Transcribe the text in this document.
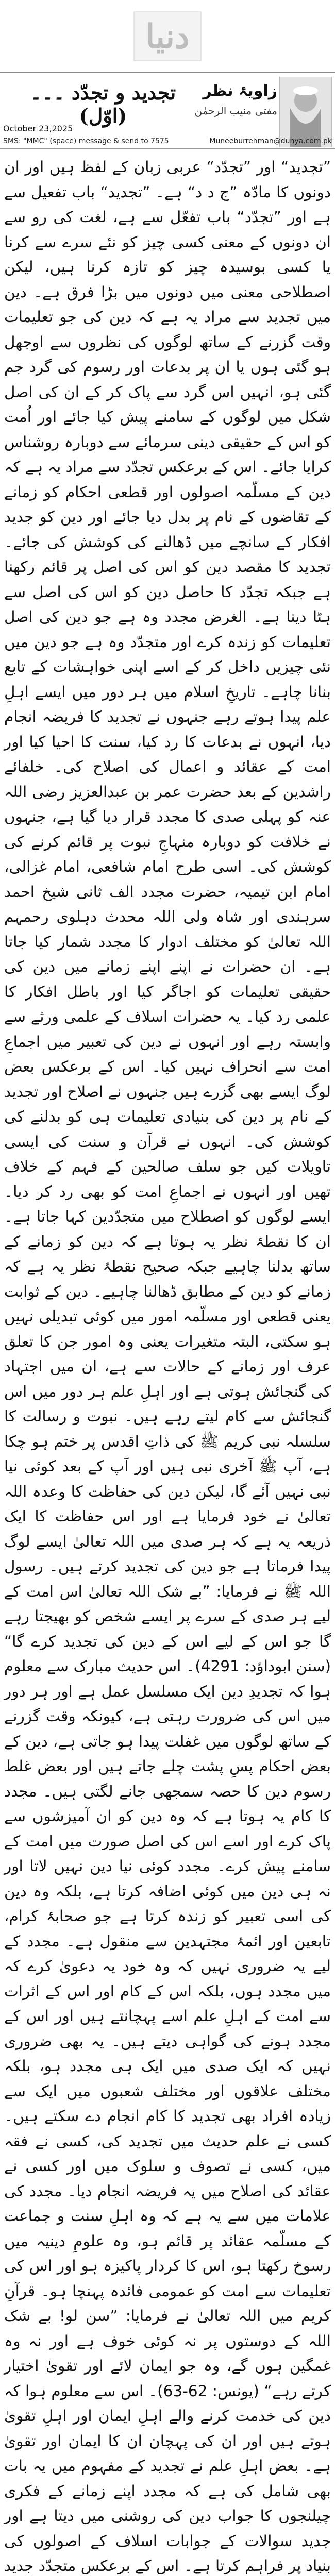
دنیا
تجدید و تجدّد ۔۔۔ (اوّل)
زاویۂ نظر
مفتی منیب الرحمٰن
October 23,2025
SMS: "MMC" (space) message & send to 7575	Muneeburrehman@dunya.com.pk

”تجدید“ اور ”تجدّد“ عربی زبان کے لفظ ہیں اور ان دونوں کا مادّہ ”ج د د“ ہے۔ ”تجدید“ باب تفعیل سے ہے اور ”تجدّد“ باب تفعّل سے ہے، لغت کی رو سے ان دونوں کے معنی کسی چیز کو نئے سرے سے کرنا یا کسی بوسیدہ چیز کو تازہ کرنا ہیں، لیکن اصطلاحی معنی میں دونوں میں بڑا فرق ہے۔ دین میں تجدید سے مراد یہ ہے کہ دین کی جو تعلیمات وقت گزرنے کے ساتھ لوگوں کی نظروں سے اوجھل ہو گئی ہوں یا ان پر بدعات اور رسوم کی گرد جم گئی ہو، انہیں اس گرد سے پاک کر کے ان کی اصل شکل میں لوگوں کے سامنے پیش کیا جائے اور اُمت کو اس کے حقیقی دینی سرمائے سے دوبارہ روشناس کرایا جائے۔ اس کے برعکس تجدّد سے مراد یہ ہے کہ دین کے مسلّمہ اصولوں اور قطعی احکام کو زمانے کے تقاضوں کے نام پر بدل دیا جائے اور دین کو جدید افکار کے سانچے میں ڈھالنے کی کوشش کی جائے۔ تجدید کا مقصد دین کو اس کی اصل پر قائم رکھنا ہے جبکہ تجدّد کا حاصل دین کو اس کی اصل سے ہٹا دینا ہے۔ الغرض مجدد وہ ہے جو دین کی اصل تعلیمات کو زندہ کرے اور متجدّد وہ ہے جو دین میں نئی چیزیں داخل کر کے اسے اپنی خواہشات کے تابع بنانا چاہے۔ تاریخِ اسلام میں ہر دور میں ایسے اہلِ علم پیدا ہوتے رہے جنہوں نے تجدید کا فریضہ انجام دیا، انہوں نے بدعات کا رد کیا، سنت کا احیا کیا اور امت کے عقائد و اعمال کی اصلاح کی۔ خلفائے راشدین کے بعد حضرت عمر بن عبدالعزیز رضی اللہ عنہ کو پہلی صدی کا مجدد قرار دیا گیا ہے، جنہوں نے خلافت کو دوبارہ منہاجِ نبوت پر قائم کرنے کی کوشش کی۔ اسی طرح امام شافعی، امام غزالی، امام ابن تیمیہ، حضرت مجدد الف ثانی شیخ احمد سرہندی اور شاہ ولی اللہ محدث دہلوی رحمہم اللہ تعالیٰ کو مختلف ادوار کا مجدد شمار کیا جاتا ہے۔ ان حضرات نے اپنے اپنے زمانے میں دین کی حقیقی تعلیمات کو اجاگر کیا اور باطل افکار کا علمی رد کیا۔ یہ حضرات اسلاف کے علمی ورثے سے وابستہ رہے اور انہوں نے دین کی تعبیر میں اجماعِ امت سے انحراف نہیں کیا۔ اس کے برعکس بعض لوگ ایسے بھی گزرے ہیں جنہوں نے اصلاح اور تجدید کے نام پر دین کی بنیادی تعلیمات ہی کو بدلنے کی کوشش کی۔ انہوں نے قرآن و سنت کی ایسی تاویلات کیں جو سلف صالحین کے فہم کے خلاف تھیں اور انہوں نے اجماعِ امت کو بھی رد کر دیا۔ ایسے لوگوں کو اصطلاح میں متجدّدین کہا جاتا ہے۔ ان کا نقطۂ نظر یہ ہوتا ہے کہ دین کو زمانے کے ساتھ بدلنا چاہیے جبکہ صحیح نقطۂ نظر یہ ہے کہ زمانے کو دین کے مطابق ڈھالنا چاہیے۔ دین کے ثوابت یعنی قطعی اور مسلّمہ امور میں کوئی تبدیلی نہیں ہو سکتی، البتہ متغیرات یعنی وہ امور جن کا تعلق عرف اور زمانے کے حالات سے ہے، ان میں اجتہاد کی گنجائش ہوتی ہے اور اہلِ علم ہر دور میں اس گنجائش سے کام لیتے رہے ہیں۔ نبوت و رسالت کا سلسلہ نبی کریم ﷺ کی ذاتِ اقدس پر ختم ہو چکا ہے، آپ ﷺ آخری نبی ہیں اور آپ کے بعد کوئی نیا نبی نہیں آئے گا، لیکن دین کی حفاظت کا وعدہ اللہ تعالیٰ نے خود فرمایا ہے اور اس حفاظت کا ایک ذریعہ یہ ہے کہ ہر صدی میں اللہ تعالیٰ ایسے لوگ پیدا فرماتا ہے جو دین کی تجدید کرتے ہیں۔ رسول اللہ ﷺ نے فرمایا: ”بے شک اللہ تعالیٰ اس امت کے لیے ہر صدی کے سرے پر ایسے شخص کو بھیجتا رہے گا جو اس کے لیے اس کے دین کی تجدید کرے گا“ (سنن ابوداؤد: 4291)۔ اس حدیث مبارک سے معلوم ہوا کہ تجدیدِ دین ایک مسلسل عمل ہے اور ہر دور میں اس کی ضرورت رہتی ہے، کیونکہ وقت گزرنے کے ساتھ لوگوں میں غفلت پیدا ہو جاتی ہے، دین کے بعض احکام پسِ پشت چلے جاتے ہیں اور بعض غلط رسوم دین کا حصہ سمجھی جانے لگتی ہیں۔ مجدد کا کام یہ ہوتا ہے کہ وہ دین کو ان آمیزشوں سے پاک کرے اور اسے اس کی اصل صورت میں امت کے سامنے پیش کرے۔ مجدد کوئی نیا دین نہیں لاتا اور نہ ہی دین میں کوئی اضافہ کرتا ہے، بلکہ وہ دین کی اسی تعبیر کو زندہ کرتا ہے جو صحابۂ کرام، تابعین اور ائمۂ مجتہدین سے منقول ہے۔ مجدد کے لیے یہ ضروری نہیں کہ وہ خود یہ دعویٰ کرے کہ میں مجدد ہوں، بلکہ اس کے کام اور اس کے اثرات سے امت کے اہلِ علم اسے پہچانتے ہیں اور اس کے مجدد ہونے کی گواہی دیتے ہیں۔ یہ بھی ضروری نہیں کہ ایک صدی میں ایک ہی مجدد ہو، بلکہ مختلف علاقوں اور مختلف شعبوں میں ایک سے زیادہ افراد بھی تجدید کا کام انجام دے سکتے ہیں۔ کسی نے علم حدیث میں تجدید کی، کسی نے فقہ میں، کسی نے تصوف و سلوک میں اور کسی نے عقائد کی اصلاح میں یہ فریضہ انجام دیا۔ مجدد کی علامات میں سے یہ ہے کہ وہ اہلِ سنت و جماعت کے مسلّمہ عقائد پر قائم ہو، وہ علومِ دینیہ میں رسوخ رکھتا ہو، اس کا کردار پاکیزہ ہو اور اس کی تعلیمات سے امت کو عمومی فائدہ پہنچا ہو۔ قرآنِ کریم میں اللہ تعالیٰ نے فرمایا: ”سن لو! بے شک اللہ کے دوستوں پر نہ کوئی خوف ہے اور نہ وہ غمگین ہوں گے، وہ جو ایمان لائے اور تقویٰ اختیار کرتے رہے“ (یونس: 62-63)۔ اس سے معلوم ہوا کہ دین کی خدمت کرنے والے اہلِ ایمان اور اہلِ تقویٰ ہوتے ہیں اور ان کی پہچان ان کا ایمان اور تقویٰ ہے۔ بعض اہلِ علم نے تجدید کے مفہوم میں یہ بات بھی شامل کی ہے کہ مجدد اپنے زمانے کے فکری چیلنجوں کا جواب دین کی روشنی میں دیتا ہے اور جدید سوالات کے جوابات اسلاف کے اصولوں کی بنیاد پر فراہم کرتا ہے۔ اس کے برعکس متجدّد جدید
